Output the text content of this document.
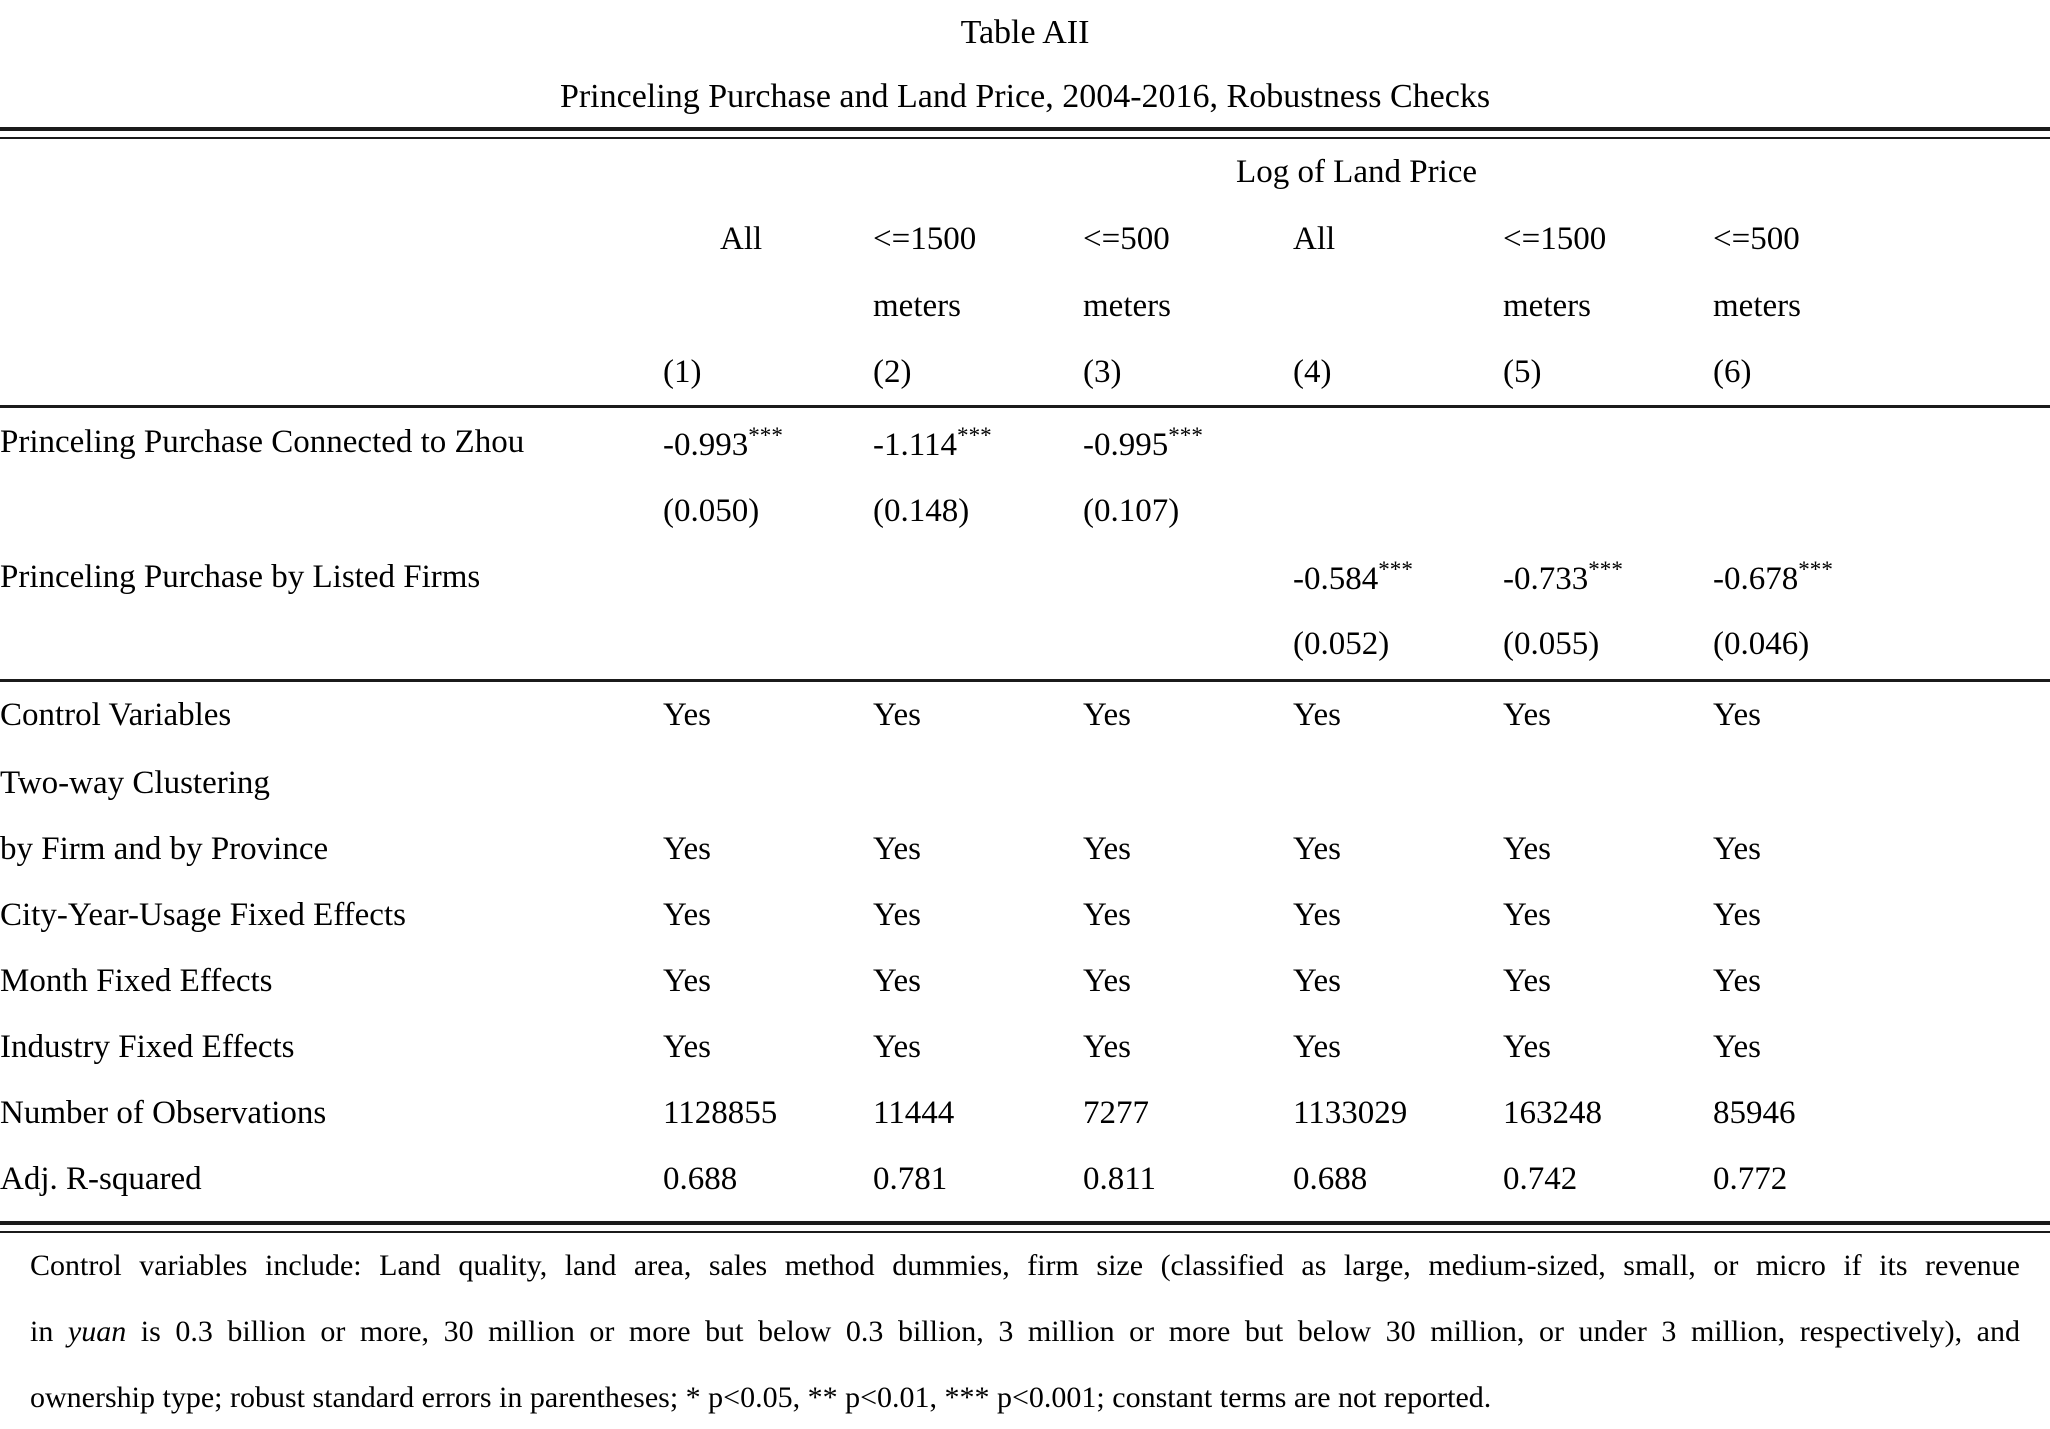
Table AII
Princeling Purchase and Land Price, 2004-2016, Robustness Checks
	Log of Land Price					
	All	<=1500	<=500	All	<=1500	<=500
		meters	meters		meters	meters
	(1)	(2)	(3)	(4)	(5)	(6)
Princeling Purchase Connected to Zhou	-0.993***	-1.114***	-0.995***			
	(0.050)	(0.148)	(0.107)			
Princeling Purchase by Listed Firms				-0.584***	-0.733***	-0.678***
				(0.052)	(0.055)	(0.046)
Control Variables	Yes	Yes	Yes	Yes	Yes	Yes
Two-way Clustering						
by Firm and by Province	Yes	Yes	Yes	Yes	Yes	Yes
City-Year-Usage Fixed Effects	Yes	Yes	Yes	Yes	Yes	Yes
Month Fixed Effects	Yes	Yes	Yes	Yes	Yes	Yes
Industry Fixed Effects	Yes	Yes	Yes	Yes	Yes	Yes
Number of Observations	1128855	11444	7277	1133029	163248	85946
Adj. R-squared	0.688	0.781	0.811	0.688	0.742	0.772
Control variables include: Land quality, land area, sales method dummies, firm size (classified as large, medium-sized, small, or micro if its revenue
in yuan is 0.3 billion or more, 30 million or more but below 0.3 billion, 3 million or more but below 30 million, or under 3 million, respectively), and
ownership type; robust standard errors in parentheses; * p<0.05, ** p<0.01, *** p<0.001; constant terms are not reported.
